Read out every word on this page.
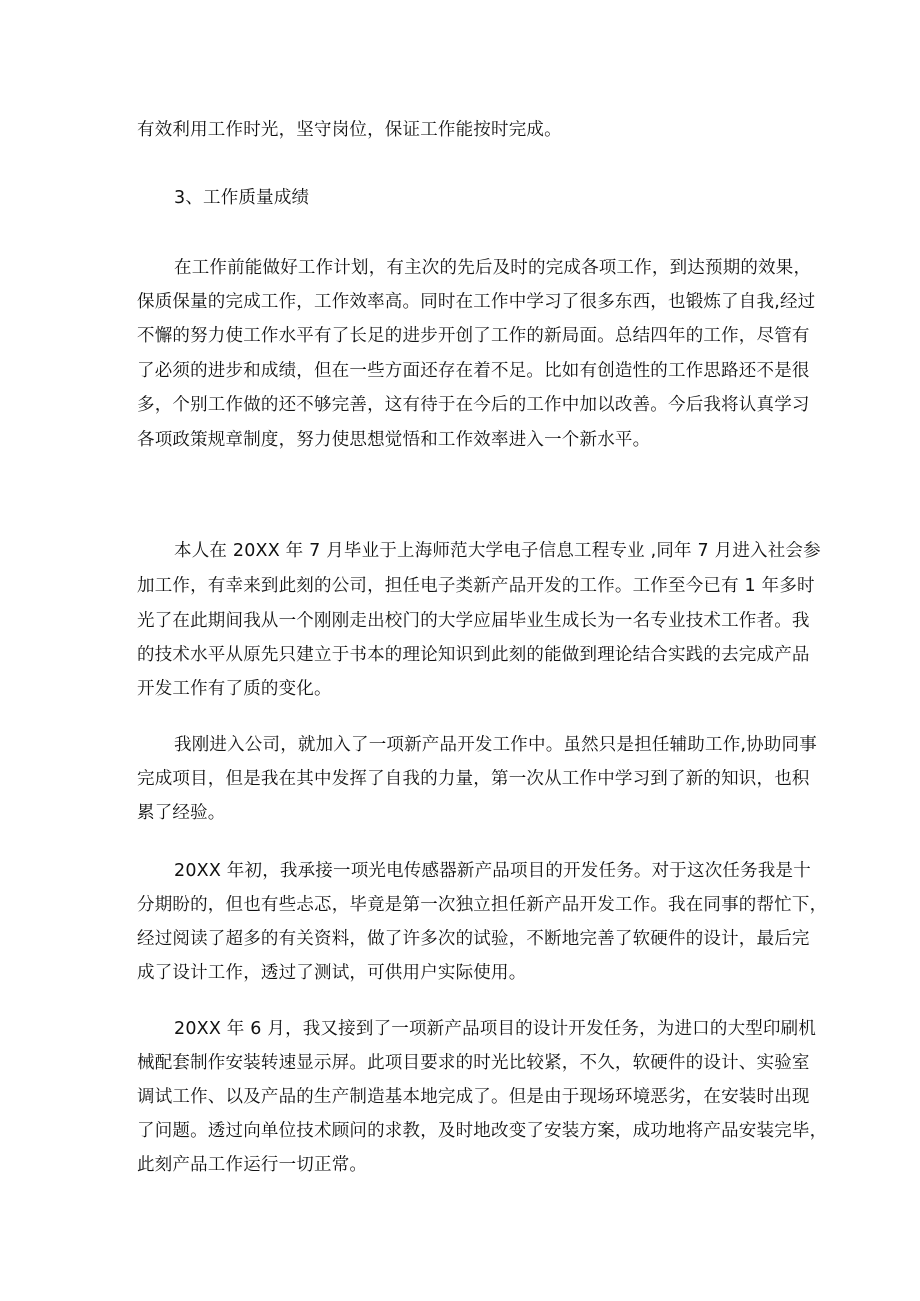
有效利用工作时光，坚守岗位，保证工作能按时完成。
3、工作质量成绩
在工作前能做好工作计划，有主次的先后及时的完成各项工作，到达预期的效果，
保质保量的完成工作，工作效率高。同时在工作中学习了很多东西，也锻炼了自我,经过
不懈的努力使工作水平有了长足的进步开创了工作的新局面。总结四年的工作，尽管有
了必须的进步和成绩，但在一些方面还存在着不足。比如有创造性的工作思路还不是很
多，个别工作做的还不够完善，这有待于在今后的工作中加以改善。今后我将认真学习
各项政策规章制度，努力使思想觉悟和工作效率进入一个新水平。
本人在 20XX 年 7 月毕业于上海师范大学电子信息工程专业 ,同年 7 月进入社会参
加工作，有幸来到此刻的公司，担任电子类新产品开发的工作。工作至今已有 1 年多时
光了在此期间我从一个刚刚走出校门的大学应届毕业生成长为一名专业技术工作者。我
的技术水平从原先只建立于书本的理论知识到此刻的能做到理论结合实践的去完成产品
开发工作有了质的变化。
我刚进入公司，就加入了一项新产品开发工作中。虽然只是担任辅助工作,协助同事
完成项目，但是我在其中发挥了自我的力量，第一次从工作中学习到了新的知识，也积
累了经验。
20XX 年初，我承接一项光电传感器新产品项目的开发任务。对于这次任务我是十
分期盼的，但也有些忐忑，毕竟是第一次独立担任新产品开发工作。我在同事的帮忙下，
经过阅读了超多的有关资料，做了许多次的试验，不断地完善了软硬件的设计，最后完
成了设计工作，透过了测试，可供用户实际使用。
20XX 年 6 月，我又接到了一项新产品项目的设计开发任务，为进口的大型印刷机
械配套制作安装转速显示屏。此项目要求的时光比较紧，不久，软硬件的设计、实验室
调试工作、以及产品的生产制造基本地完成了。但是由于现场环境恶劣，在安装时出现
了问题。透过向单位技术顾问的求教，及时地改变了安装方案，成功地将产品安装完毕，
此刻产品工作运行一切正常。
